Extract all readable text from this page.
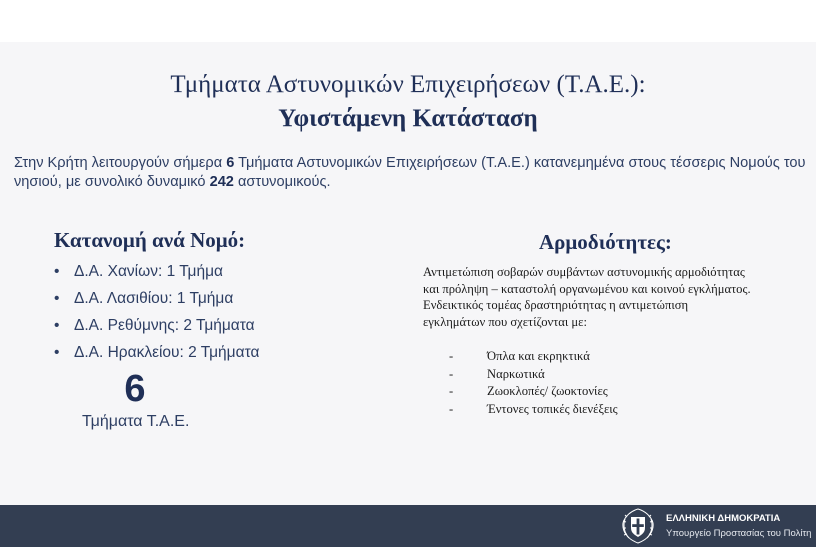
Τμήματα Αστυνομικών Επιχειρήσεων (Τ.Α.Ε.):
Υφιστάμενη Κατάσταση
Στην Κρήτη λειτουργούν σήμερα 6 Τμήματα Αστυνομικών Επιχειρήσεων (Τ.Α.Ε.) κατανεμημένα στους τέσσερις Νομούς του νησιού, με συνολικό δυναμικό 242 αστυνομικούς.
Κατανομή ανά Νομό:
• Δ.Α. Χανίων: 1 Τμήμα
• Δ.Α. Λασιθίου: 1 Τμήμα
• Δ.Α. Ρεθύμνης: 2 Τμήματα
• Δ.Α. Ηρακλείου: 2 Τμήματα
6
Τμήματα Τ.Α.Ε.
Αρμοδιότητες:
Αντιμετώπιση σοβαρών συμβάντων αστυνομικής αρμοδιότητας
και πρόληψη – καταστολή οργανωμένου και κοινού εγκλήματος.
Ενδεικτικός τομέας δραστηριότητας η αντιμετώπιση
εγκλημάτων που σχετίζονται με:
-	Όπλα και εκρηκτικά
-	Ναρκωτικά
-	Ζωοκλοπές/ ζωοκτονίες
-	Έντονες τοπικές διενέξεις
ΕΛΛΗΝΙΚΗ ΔΗΜΟΚΡΑΤΙΑ
Υπουργείο Προστασίας του Πολίτη
